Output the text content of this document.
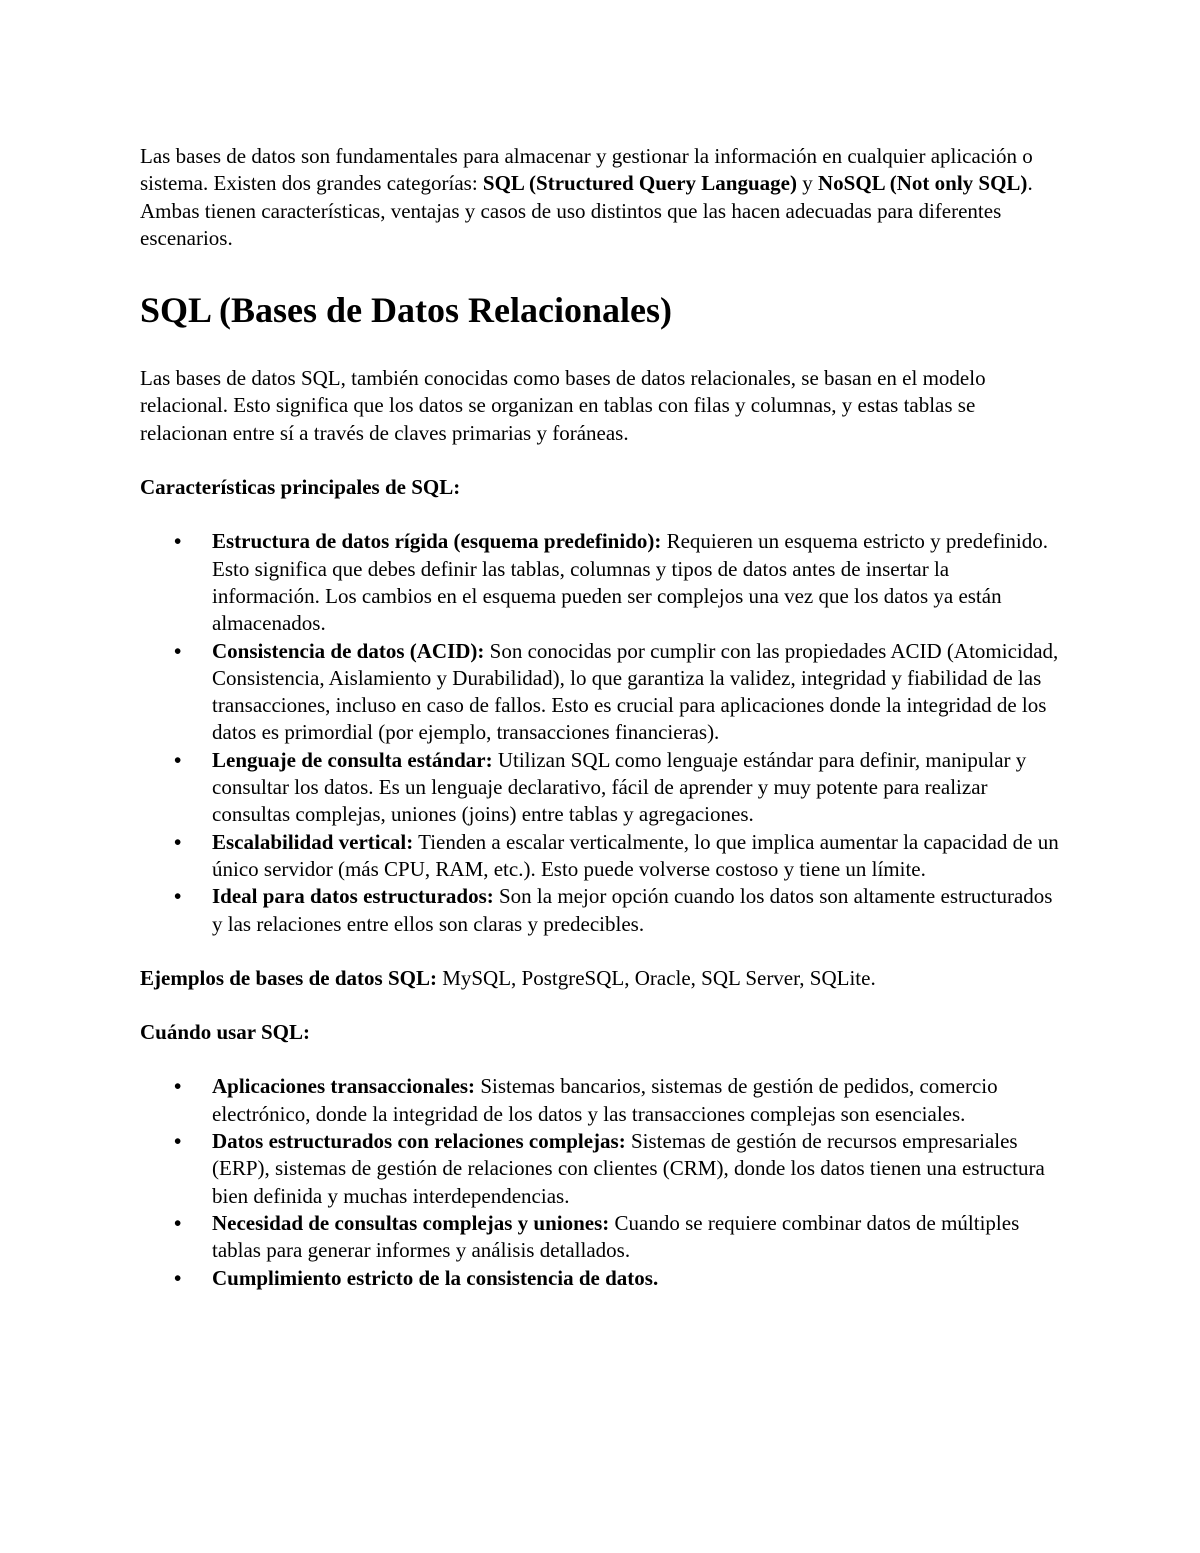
Las bases de datos son fundamentales para almacenar y gestionar la información en cualquier aplicación o sistema. Existen dos grandes categorías: SQL (Structured Query Language) y NoSQL (Not only SQL). Ambas tienen características, ventajas y casos de uso distintos que las hacen adecuadas para diferentes escenarios.

SQL (Bases de Datos Relacionales)

Las bases de datos SQL, también conocidas como bases de datos relacionales, se basan en el modelo relacional. Esto significa que los datos se organizan en tablas con filas y columnas, y estas tablas se relacionan entre sí a través de claves primarias y foráneas.

Características principales de SQL:

• Estructura de datos rígida (esquema predefinido): Requieren un esquema estricto y predefinido. Esto significa que debes definir las tablas, columnas y tipos de datos antes de insertar la información. Los cambios en el esquema pueden ser complejos una vez que los datos ya están almacenados.
• Consistencia de datos (ACID): Son conocidas por cumplir con las propiedades ACID (Atomicidad, Consistencia, Aislamiento y Durabilidad), lo que garantiza la validez, integridad y fiabilidad de las transacciones, incluso en caso de fallos. Esto es crucial para aplicaciones donde la integridad de los datos es primordial (por ejemplo, transacciones financieras).
• Lenguaje de consulta estándar: Utilizan SQL como lenguaje estándar para definir, manipular y consultar los datos. Es un lenguaje declarativo, fácil de aprender y muy potente para realizar consultas complejas, uniones (joins) entre tablas y agregaciones.
• Escalabilidad vertical: Tienden a escalar verticalmente, lo que implica aumentar la capacidad de un único servidor (más CPU, RAM, etc.). Esto puede volverse costoso y tiene un límite.
• Ideal para datos estructurados: Son la mejor opción cuando los datos son altamente estructurados y las relaciones entre ellos son claras y predecibles.

Ejemplos de bases de datos SQL: MySQL, PostgreSQL, Oracle, SQL Server, SQLite.

Cuándo usar SQL:

• Aplicaciones transaccionales: Sistemas bancarios, sistemas de gestión de pedidos, comercio electrónico, donde la integridad de los datos y las transacciones complejas son esenciales.
• Datos estructurados con relaciones complejas: Sistemas de gestión de recursos empresariales (ERP), sistemas de gestión de relaciones con clientes (CRM), donde los datos tienen una estructura bien definida y muchas interdependencias.
• Necesidad de consultas complejas y uniones: Cuando se requiere combinar datos de múltiples tablas para generar informes y análisis detallados.
• Cumplimiento estricto de la consistencia de datos.
